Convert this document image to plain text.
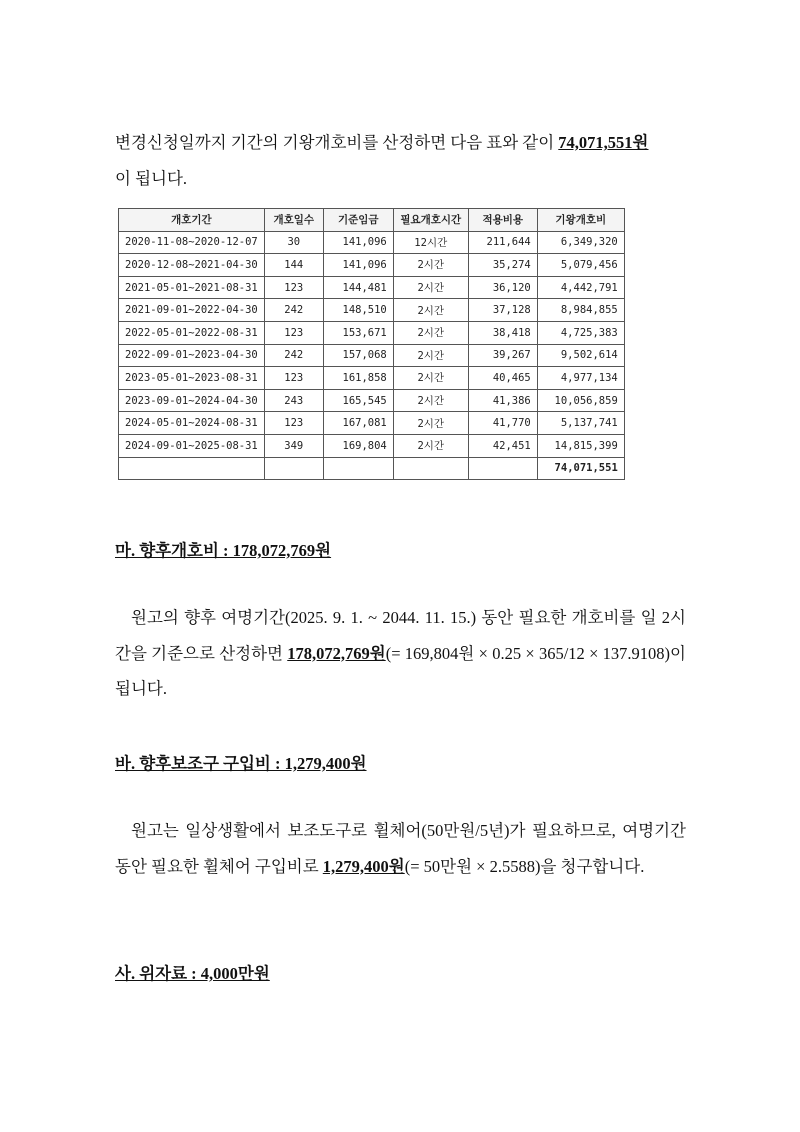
변경신청일까지 기간의 기왕개호비를 산정하면 다음 표와 같이 74,071,551원
이 됩니다.
개호기간	개호일수	기준임금	필요개호시간	적용비용	기왕개호비
2020-11-08~2020-12-07	30	141,096	12시간	211,644	6,349,320
2020-12-08~2021-04-30	144	141,096	2시간	35,274	5,079,456
2021-05-01~2021-08-31	123	144,481	2시간	36,120	4,442,791
2021-09-01~2022-04-30	242	148,510	2시간	37,128	8,984,855
2022-05-01~2022-08-31	123	153,671	2시간	38,418	4,725,383
2022-09-01~2023-04-30	242	157,068	2시간	39,267	9,502,614
2023-05-01~2023-08-31	123	161,858	2시간	40,465	4,977,134
2023-09-01~2024-04-30	243	165,545	2시간	41,386	10,056,859
2024-05-01~2024-08-31	123	167,081	2시간	41,770	5,137,741
2024-09-01~2025-08-31	349	169,804	2시간	42,451	14,815,399
					74,071,551
마. 향후개호비 : 178,072,769원
원고의 향후 여명기간(2025. 9. 1. ~ 2044. 11. 15.) 동안 필요한 개호비를 일 2시간을 기준으로 산정하면 178,072,769원(= 169,804원 × 0.25 × 365/12 × 137.9108)이 됩니다.
바. 향후보조구 구입비 : 1,279,400원
원고는 일상생활에서 보조도구로 휠체어(50만원/5년)가 필요하므로, 여명기간 동안 필요한 휠체어 구입비로 1,279,400원(= 50만원 × 2.5588)을 청구합니다.
사. 위자료 : 4,000만원
